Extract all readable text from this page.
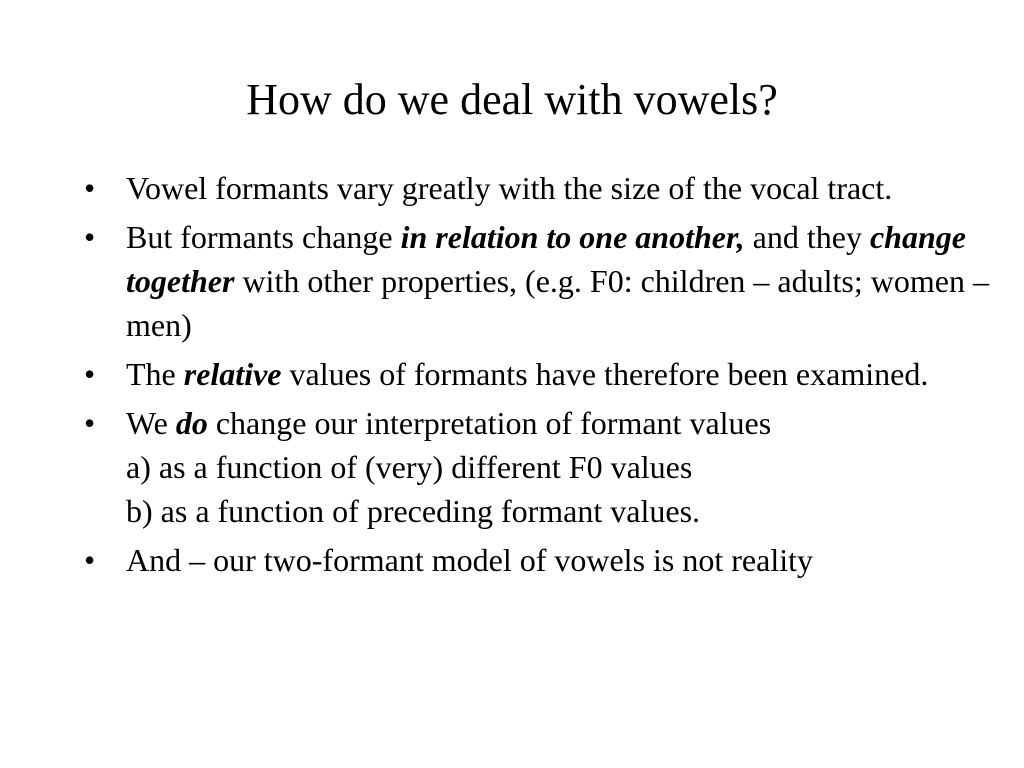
How do we deal with vowels?
• Vowel formants vary greatly with the size of the vocal tract.
• But formants change in relation to one another, and they change together with other properties, (e.g. F0: children – adults; women – men)
• The relative values of formants have therefore been examined.
• We do change our interpretation of formant values
a) as a function of (very) different F0 values
b) as a function of preceding formant values.
• And – our two-formant model of vowels is not reality
